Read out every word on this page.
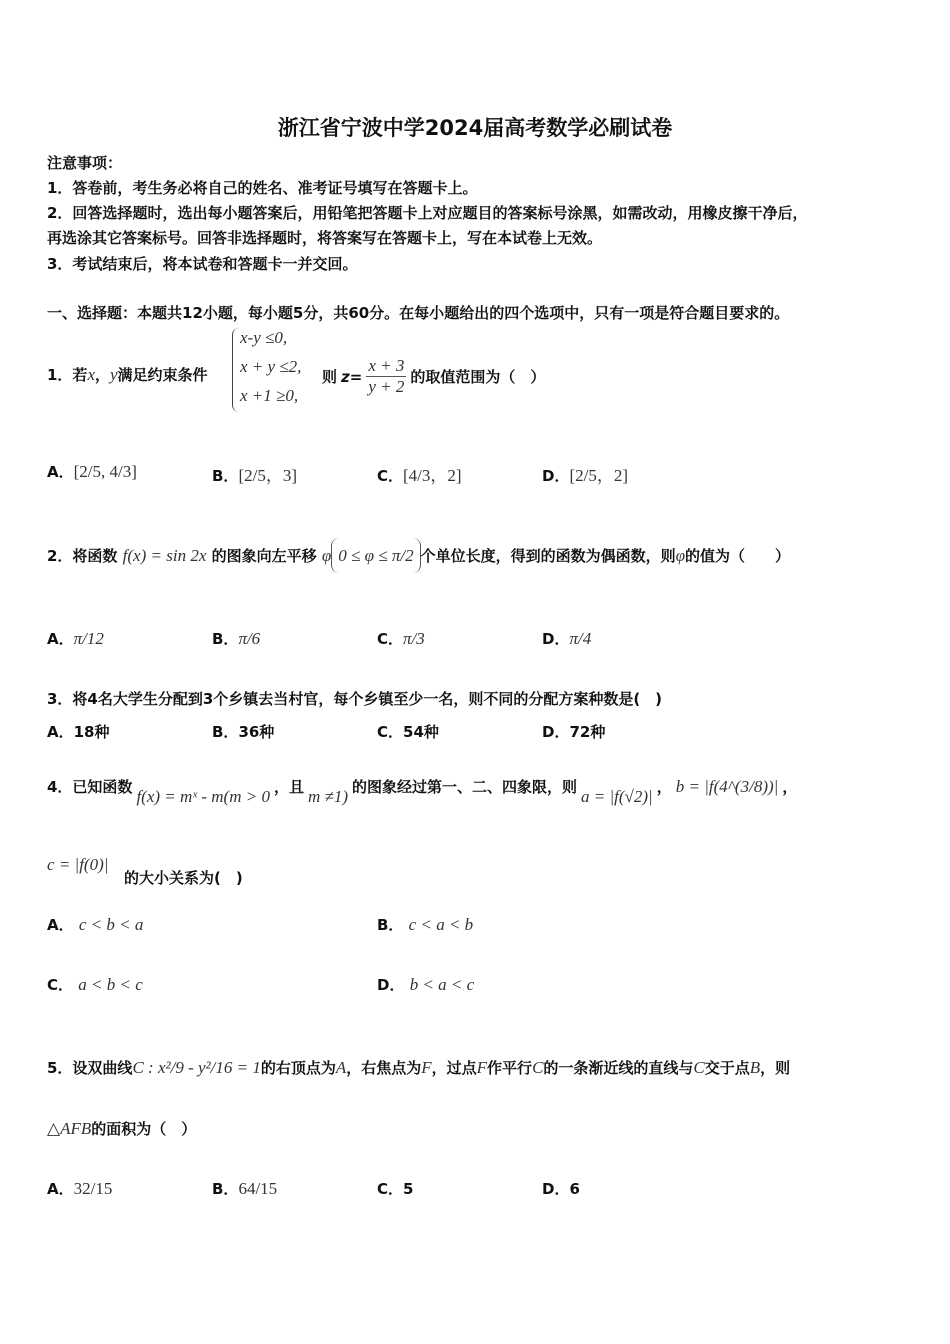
浙江省宁波中学2024届高考数学必刷试卷
注意事项：
1．答卷前，考生务必将自己的姓名、准考证号填写在答题卡上。
2．回答选择题时，选出每小题答案后，用铅笔把答题卡上对应题目的答案标号涂黑，如需改动，用橡皮擦干净后，
再选涂其它答案标号。回答非选择题时，将答案写在答题卡上，写在本试卷上无效。
3．考试结束后，将本试卷和答题卡一并交回。
一、选择题：本题共12小题，每小题5分，共60分。在每小题给出的四个选项中，只有一项是符合题目要求的。
1．若x，y满足约束条件
x-y ≤0,
x + y ≤2,
x +1 ≥0,
则 $z= \frac{x + 3}{y + 2}$ 的取值范围为（　）
A．[2/5, 4/3]	B．[2/5，3]	C．[4/3，2]	D．[2/5，2]
2．将函数 f(x) = sin 2x 的图象向左平移 φ 0 ≤ φ ≤ π/2 个单位长度，得到的函数为偶函数，则φ的值为（　　）
A．π/12	B．π/6	C．π/3	D．π/4
3．将4名大学生分配到3个乡镇去当村官，每个乡镇至少一名，则不同的分配方案种数是(　)
A．18种	B．36种	C．54种	D．72种
4．已知函数 f(x) = mˣ - m(m > 0 ，且 m ≠1) 的图象经过第一、二、四象限，则 a = |f(√2)| ， b = |f(4^(3/8))| ，
c = |f(0)|
的大小关系为(　)
A． c < b < a	B． c < a < b
C． a < b < c	D． b < a < c
5．设双曲线C : x²/9 - y²/16 = 1的右顶点为A，右焦点为F，过点F作平行C的一条渐近线的直线与C交于点B，则
△AFB的面积为（　）
A．32/15	B．64/15	C．5	D．6
